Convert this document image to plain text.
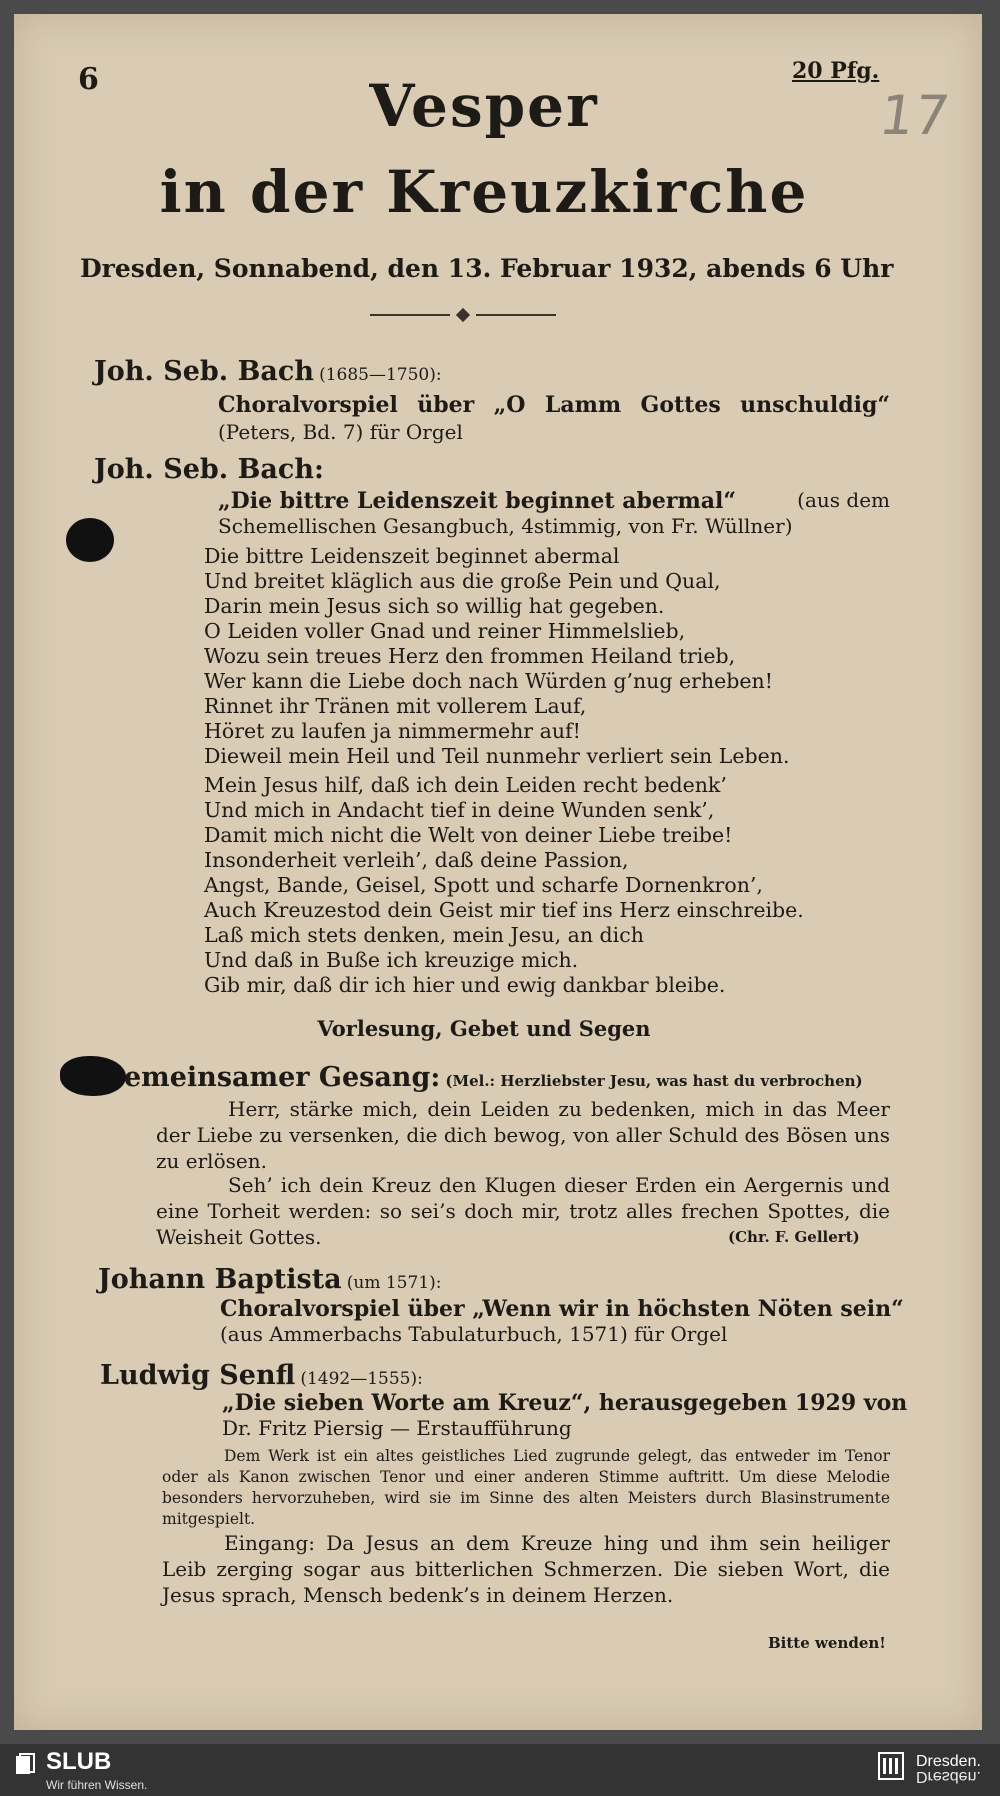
6	20 Pfg.
17
Vesper
in der Kreuzkirche
Dresden, Sonnabend, den 13. Februar 1932, abends 6 Uhr
Joh. Seb. Bach (1685—1750):
Choralvorspiel über „O Lamm Gottes unschuldig“
(Peters, Bd. 7) für Orgel
Joh. Seb. Bach:
„Die bittre Leidenszeit beginnet abermal“	(aus dem
Schemellischen Gesangbuch, 4stimmig, von Fr. Wüllner)
Die bittre Leidenszeit beginnet abermal
Und breitet kläglich aus die große Pein und Qual,
Darin mein Jesus sich so willig hat gegeben.
O Leiden voller Gnad und reiner Himmelslieb,
Wozu sein treues Herz den frommen Heiland trieb,
Wer kann die Liebe doch nach Würden g’nug erheben!
Rinnet ihr Tränen mit vollerem Lauf,
Höret zu laufen ja nimmermehr auf!
Dieweil mein Heil und Teil nunmehr verliert sein Leben.
Mein Jesus hilf, daß ich dein Leiden recht bedenk’
Und mich in Andacht tief in deine Wunden senk’,
Damit mich nicht die Welt von deiner Liebe treibe!
Insonderheit verleih’, daß deine Passion,
Angst, Bande, Geisel, Spott und scharfe Dornenkron’,
Auch Kreuzestod dein Geist mir tief ins Herz einschreibe.
Laß mich stets denken, mein Jesu, an dich
Und daß in Buße ich kreuzige mich.
Gib mir, daß dir ich hier und ewig dankbar bleibe.
Vorlesung, Gebet und Segen
emeinsamer Gesang: (Mel.: Herzliebster Jesu, was hast du verbrochen)
Herr, stärke mich, dein Leiden zu bedenken, mich in das Meer der Liebe zu versenken, die dich bewog, von aller Schuld des Bösen uns zu erlösen.
Seh’ ich dein Kreuz den Klugen dieser Erden ein Aergernis und eine Torheit werden: so sei’s doch mir, trotz alles frechen Spottes, die Weisheit Gottes.	(Chr. F. Gellert)
Johann Baptista (um 1571):
Choralvorspiel über „Wenn wir in höchsten Nöten sein“
(aus Ammerbachs Tabulaturbuch, 1571) für Orgel
Ludwig Senfl (1492—1555):
„Die sieben Worte am Kreuz“, herausgegeben 1929 von
Dr. Fritz Piersig — Erstaufführung
Dem Werk ist ein altes geistliches Lied zugrunde gelegt, das entweder im Tenor oder als Kanon zwischen Tenor und einer anderen Stimme auftritt. Um diese Melodie besonders hervorzuheben, wird sie im Sinne des alten Meisters durch Blasinstrumente mitgespielt.
Eingang: Da Jesus an dem Kreuze hing und ihm sein heiliger Leib zerging sogar aus bitterlichen Schmerzen. Die sieben Wort, die Jesus sprach, Mensch bedenk’s in deinem Herzen.
Bitte wenden!
SLUB
Wir führen Wissen.
Dresden.
Dresden.
